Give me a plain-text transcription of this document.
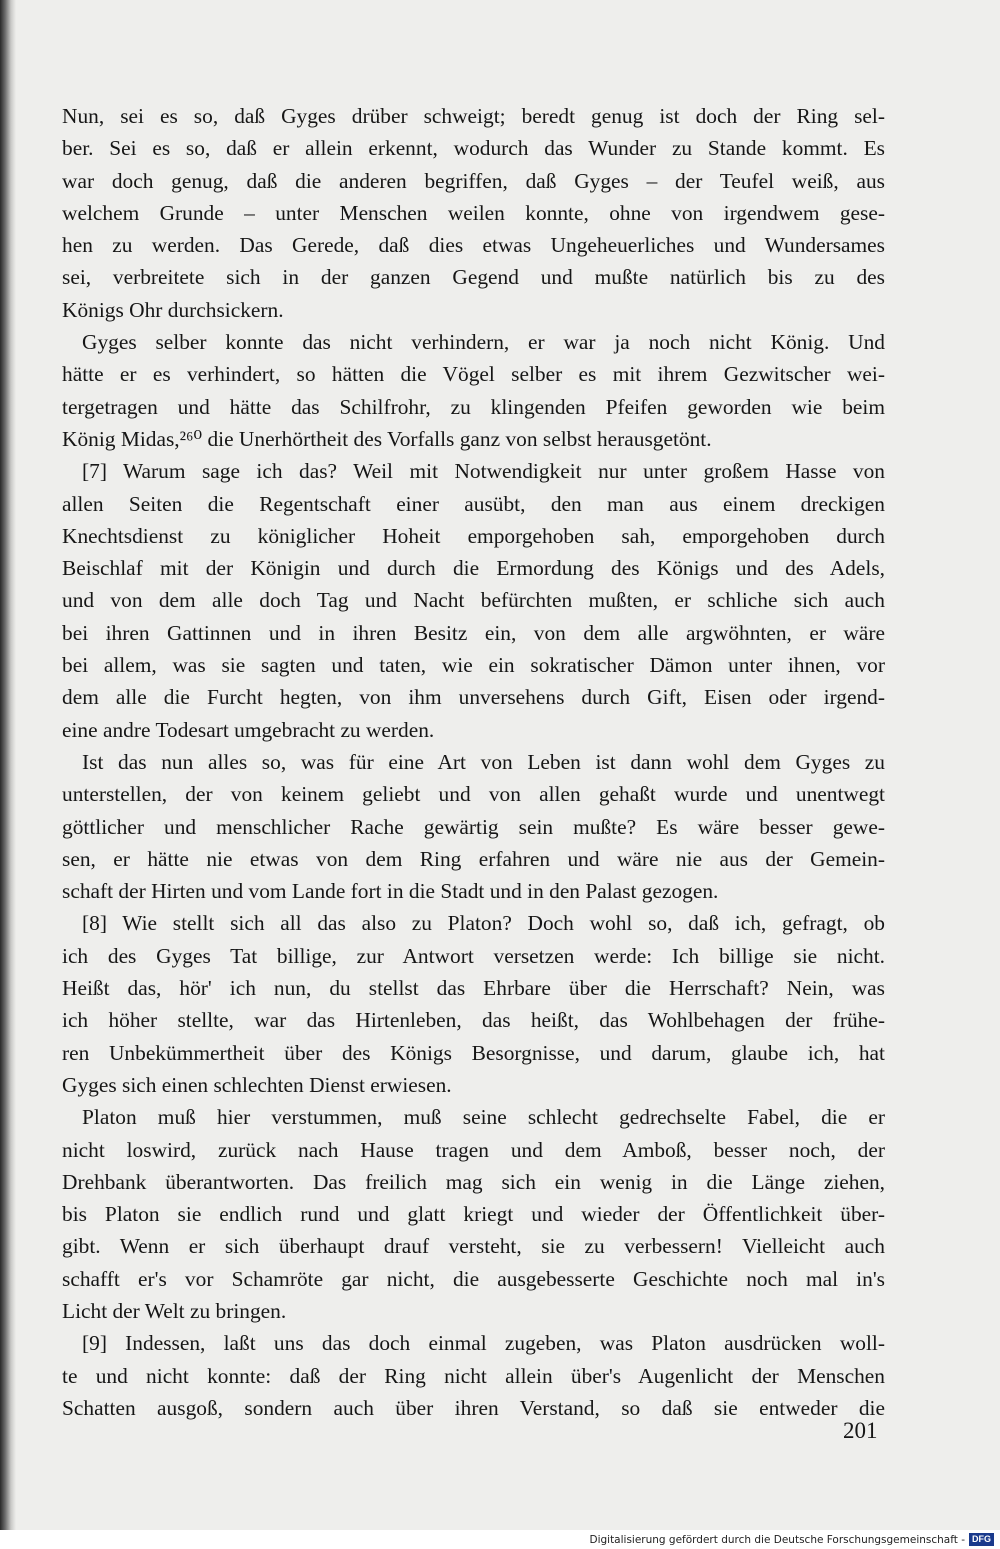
Nun, sei es so, daß Gyges drüber schweigt; beredt genug ist doch der Ring sel-
ber. Sei es so, daß er allein erkennt, wodurch das Wunder zu Stande kommt. Es
war doch genug, daß die anderen begriffen, daß Gyges – der Teufel weiß, aus
welchem Grunde – unter Menschen weilen konnte, ohne von irgendwem gese-
hen zu werden. Das Gerede, daß dies etwas Ungeheuerliches und Wundersames
sei, verbreitete sich in der ganzen Gegend und mußte natürlich bis zu des
Königs Ohr durchsickern.
Gyges selber konnte das nicht verhindern, er war ja noch nicht König. Und
hätte er es verhindert, so hätten die Vögel selber es mit ihrem Gezwitscher wei-
tergetragen und hätte das Schilfrohr, zu klingenden Pfeifen geworden wie beim
König Midas,²⁶⁰ die Unerhörtheit des Vorfalls ganz von selbst herausgetönt.
[7] Warum sage ich das? Weil mit Notwendigkeit nur unter großem Hasse von
allen Seiten die Regentschaft einer ausübt, den man aus einem dreckigen
Knechtsdienst zu königlicher Hoheit emporgehoben sah, emporgehoben durch
Beischlaf mit der Königin und durch die Ermordung des Königs und des Adels,
und von dem alle doch Tag und Nacht befürchten mußten, er schliche sich auch
bei ihren Gattinnen und in ihren Besitz ein, von dem alle argwöhnten, er wäre
bei allem, was sie sagten und taten, wie ein sokratischer Dämon unter ihnen, vor
dem alle die Furcht hegten, von ihm unversehens durch Gift, Eisen oder irgend-
eine andre Todesart umgebracht zu werden.
Ist das nun alles so, was für eine Art von Leben ist dann wohl dem Gyges zu
unterstellen, der von keinem geliebt und von allen gehaßt wurde und unentwegt
göttlicher und menschlicher Rache gewärtig sein mußte? Es wäre besser gewe-
sen, er hätte nie etwas von dem Ring erfahren und wäre nie aus der Gemein-
schaft der Hirten und vom Lande fort in die Stadt und in den Palast gezogen.
[8] Wie stellt sich all das also zu Platon? Doch wohl so, daß ich, gefragt, ob
ich des Gyges Tat billige, zur Antwort versetzen werde: Ich billige sie nicht.
Heißt das, hör' ich nun, du stellst das Ehrbare über die Herrschaft? Nein, was
ich höher stellte, war das Hirtenleben, das heißt, das Wohlbehagen der frühe-
ren Unbekümmertheit über des Königs Besorgnisse, und darum, glaube ich, hat
Gyges sich einen schlechten Dienst erwiesen.
Platon muß hier verstummen, muß seine schlecht gedrechselte Fabel, die er
nicht loswird, zurück nach Hause tragen und dem Amboß, besser noch, der
Drehbank überantworten. Das freilich mag sich ein wenig in die Länge ziehen,
bis Platon sie endlich rund und glatt kriegt und wieder der Öffentlichkeit über-
gibt. Wenn er sich überhaupt drauf versteht, sie zu verbessern! Vielleicht auch
schafft er's vor Schamröte gar nicht, die ausgebesserte Geschichte noch mal in's
Licht der Welt zu bringen.
[9] Indessen, laßt uns das doch einmal zugeben, was Platon ausdrücken woll-
te und nicht konnte: daß der Ring nicht allein über's Augenlicht der Menschen
Schatten ausgoß, sondern auch über ihren Verstand, so daß sie entweder die
201
Digitalisierung gefördert durch die Deutsche Forschungsgemeinschaft - DFG
